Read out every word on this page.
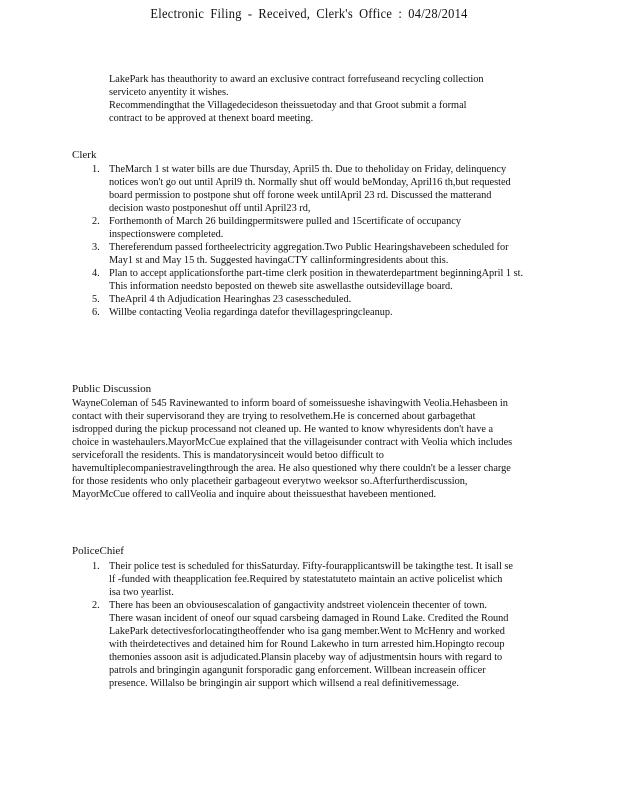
Electronic Filing - Received, Clerk's Office : 04/28/2014

LakePark has theauthority to award an exclusive contract forrefuseand recycling collection serviceto anyentity it wishes.

Recommendingthat the Villagedecideson theissuetoday and that Groot submit a formal contract to be approved at thenext board meeting.

Clerk
1. TheMarch 1 st water bills are due Thursday, April5 th. Due to theholiday on Friday, delinquency notices won't go out until April9 th. Normally shut off would beMonday, April16 th,but requested board permission to postpone shut off forone week untilApril 23 rd. Discussed the matterand decision wasto postponeshut off until April23 rd,
2. Forthemonth of March 26 buildingpermitswere pulled and 15certificate of occupancy inspectionswere completed.
3. Thereferendum passed fortheelectricity aggregation.Two Public Hearingshavebeen scheduled for May1 st and May 15 th. Suggested havingaCTY callinformingresidents about this.
4. Plan to accept applicationsforthe part-time clerk position in thewaterdepartment beginningApril 1 st. This information needsto beposted on theweb site aswellasthe outsidevillage board.
5. TheApril 4 th Adjudication Hearinghas 23 casesscheduled.
6. Willbe contacting Veolia regardinga datefor thevillagespringcleanup.
Public Discussion

WayneColeman of 545 Ravinewanted to inform board of someissueshe ishavingwith Veolia.Hehasbeen in contact with their supervisorand they are trying to resolvethem.He is concerned about garbagethat isdropped during the pickup processand not cleaned up. He wanted to know whyresidents don't have a choice in wastehaulers.MayorMcCue explained that the villageisunder contract with Veolia which includes serviceforall the residents. This is mandatorysinceit would betoo difficult to havemultiplecompaniestravelingthrough the area. He also questioned why there couldn't be a lesser charge for those residents who only placetheir garbageout everytwo weeksor so.Afterfurtherdiscussion, MayorMcCue offered to callVeolia and inquire about theissuesthat havebeen mentioned.

PoliceChief
1. Their police test is scheduled for thisSaturday. Fifty-fourapplicantswill be takingthe test. It isall se lf -funded with theapplication fee.Required by statestatuteto maintain an active policelist which isa two yearlist.
2. There has been an obviousescalation of gangactivity andstreet violencein thecenter of town. There wasan incident of oneof our squad carsbeing damaged in Round Lake. Credited the Round LakePark detectivesforlocatingtheoffender who isa gang member.Went to McHenry and worked with theirdetectives and detained him for Round Lakewho in turn arrested him.Hopingto recoup themonies assoon asit is adjudicated.Plansin placeby way of adjustmentsin hours with regard to patrols and bringingin agangunit forsporadic gang enforcement. Willbean increasein officer presence. Willalso be bringingin air support which willsend a real definitivemessage.
